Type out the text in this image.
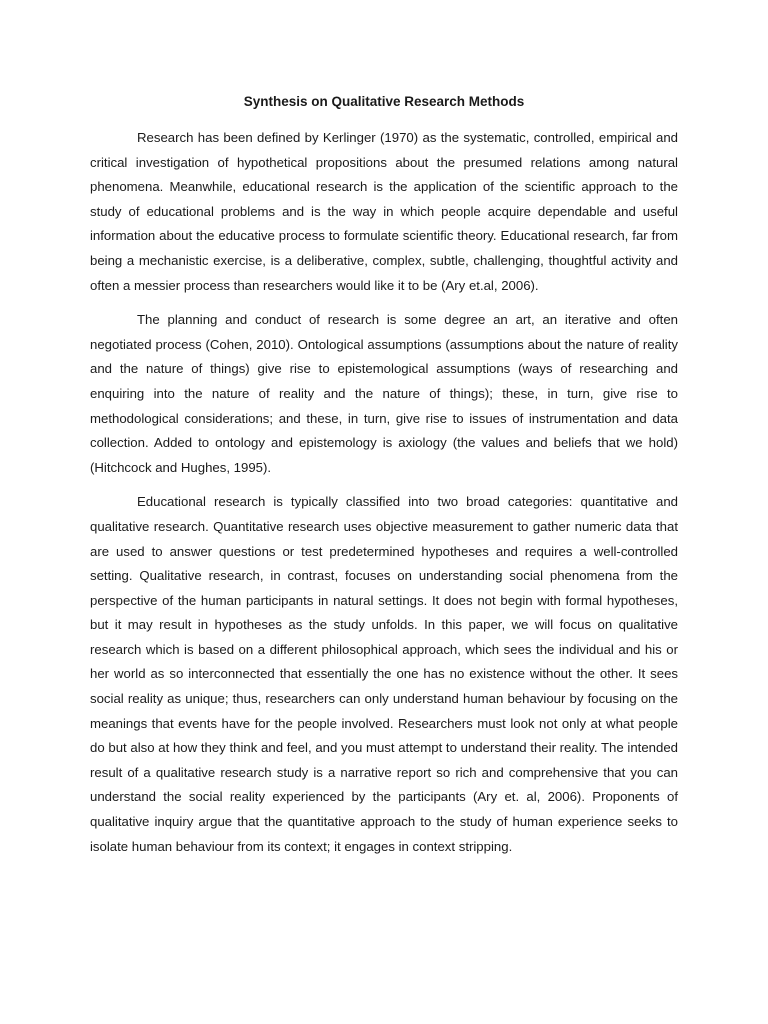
Synthesis on Qualitative Research Methods

Research has been defined by Kerlinger (1970) as the systematic, controlled, empirical and critical investigation of hypothetical propositions about the presumed relations among natural phenomena. Meanwhile, educational research is the application of the scientific approach to the study of educational problems and is the way in which people acquire dependable and useful information about the educative process to formulate scientific theory. Educational research, far from being a mechanistic exercise, is a deliberative, complex, subtle, challenging, thoughtful activity and often a messier process than researchers would like it to be (Ary et.al, 2006).

The planning and conduct of research is some degree an art, an iterative and often negotiated process (Cohen, 2010). Ontological assumptions (assumptions about the nature of reality and the nature of things) give rise to epistemological assumptions (ways of researching and enquiring into the nature of reality and the nature of things); these, in turn, give rise to methodological considerations; and these, in turn, give rise to issues of instrumentation and data collection. Added to ontology and epistemology is axiology (the values and beliefs that we hold) (Hitchcock and Hughes, 1995).

Educational research is typically classified into two broad categories: quantitative and qualitative research. Quantitative research uses objective measurement to gather numeric data that are used to answer questions or test predetermined hypotheses and requires a well-controlled setting. Qualitative research, in contrast, focuses on understanding social phenomena from the perspective of the human participants in natural settings. It does not begin with formal hypotheses, but it may result in hypotheses as the study unfolds. In this paper, we will focus on qualitative research which is based on a different philosophical approach, which sees the individual and his or her world as so interconnected that essentially the one has no existence without the other. It sees social reality as unique; thus, researchers can only understand human behaviour by focusing on the meanings that events have for the people involved. Researchers must look not only at what people do but also at how they think and feel, and you must attempt to understand their reality. The intended result of a qualitative research study is a narrative report so rich and comprehensive that you can understand the social reality experienced by the participants (Ary et. al, 2006). Proponents of qualitative inquiry argue that the quantitative approach to the study of human experience seeks to isolate human behaviour from its context; it engages in context stripping.
